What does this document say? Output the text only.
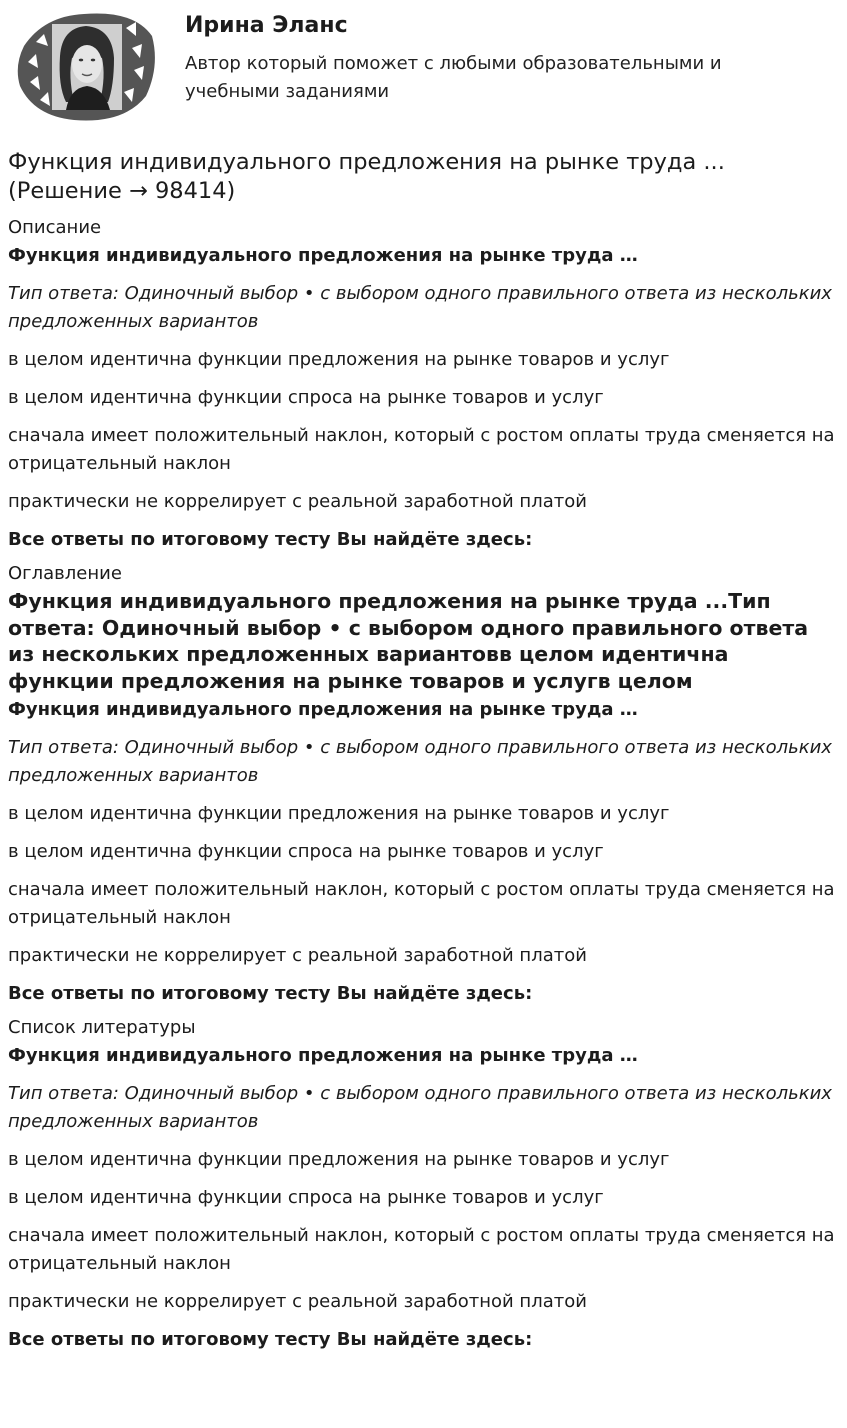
Ирина Эланс
Автор который поможет с любыми образовательными и учебными заданиями
Функция индивидуального предложения на рынке труда ... (Решение → 98414)
Описание
Функция индивидуального предложения на рынке труда …
Тип ответа: Одиночный выбор • с выбором одного правильного ответа из нескольких предложенных вариантов
в целом идентична функции предложения на рынке товаров и услуг
в целом идентична функции спроса на рынке товаров и услуг
сначала имеет положительный наклон, который с ростом оплаты труда сменяется на отрицательный наклон
практически не коррелирует с реальной заработной платой
Все ответы по итоговому тесту Вы найдёте здесь:
Оглавление
Функция индивидуального предложения на рынке труда ...Тип ответа: Одиночный выбор • с выбором одного правильного ответа из нескольких предложенных вариантовв целом идентична функции предложения на рынке товаров и услугв целом
Функция индивидуального предложения на рынке труда …
Тип ответа: Одиночный выбор • с выбором одного правильного ответа из нескольких предложенных вариантов
в целом идентична функции предложения на рынке товаров и услуг
в целом идентична функции спроса на рынке товаров и услуг
сначала имеет положительный наклон, который с ростом оплаты труда сменяется на отрицательный наклон
практически не коррелирует с реальной заработной платой
Все ответы по итоговому тесту Вы найдёте здесь:
Список литературы
Функция индивидуального предложения на рынке труда …
Тип ответа: Одиночный выбор • с выбором одного правильного ответа из нескольких предложенных вариантов
в целом идентична функции предложения на рынке товаров и услуг
в целом идентична функции спроса на рынке товаров и услуг
сначала имеет положительный наклон, который с ростом оплаты труда сменяется на отрицательный наклон
практически не коррелирует с реальной заработной платой
Все ответы по итоговому тесту Вы найдёте здесь:
